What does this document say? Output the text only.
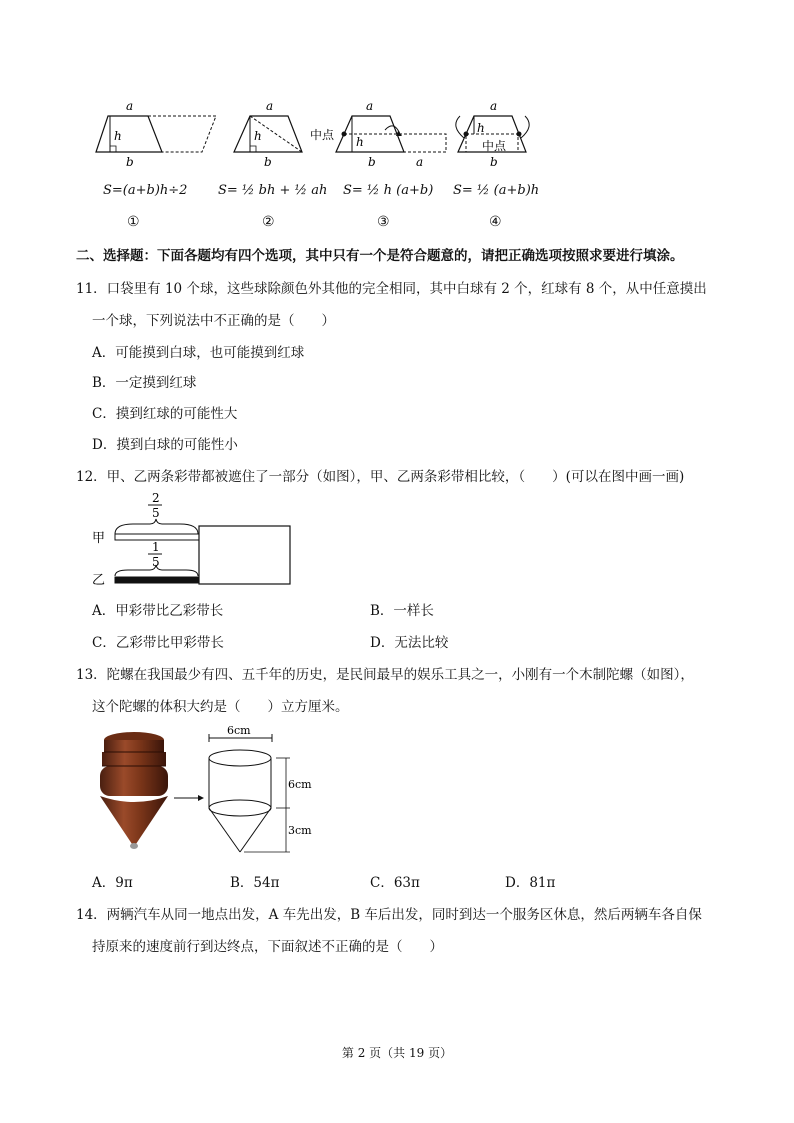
a
h
b
a
h
b
中点
a
h
b	a
a
h
中点
b
S=(a+b)h÷2 S= ½ bh + ½ ah S= ½ h (a+b) S= ½ (a+b)h
①	②	③	④
二、选择题：下面各题均有四个选项，其中只有一个是符合题意的，请把正确选项按照求要进行填涂。
11．口袋里有 10 个球，这些球除颜色外其他的完全相同，其中白球有 2 个，红球有 8 个，从中任意摸出
一个球，下列说法中不正确的是（　　）
A．可能摸到白球，也可能摸到红球
B．一定摸到红球
C．摸到红球的可能性大
D．摸到白球的可能性小
12．甲、乙两条彩带都被遮住了一部分（如图），甲、乙两条彩带相比较，（　　）(可以在图中画一画)
2
5
甲
1
5
乙
A．甲彩带比乙彩带长	B．一样长
C．乙彩带比甲彩带长	D．无法比较
13．陀螺在我国最少有四、五千年的历史，是民间最早的娱乐工具之一，小刚有一个木制陀螺（如图），
这个陀螺的体积大约是（　　）立方厘米。
6cm
6cm
3cm
A．9π	B．54π	C．63π	D．81π
14．两辆汽车从同一地点出发，A 车先出发，B 车后出发，同时到达一个服务区休息，然后两辆车各自保
持原来的速度前行到达终点，下面叙述不正确的是（　　）
第 2 页（共 19 页）
